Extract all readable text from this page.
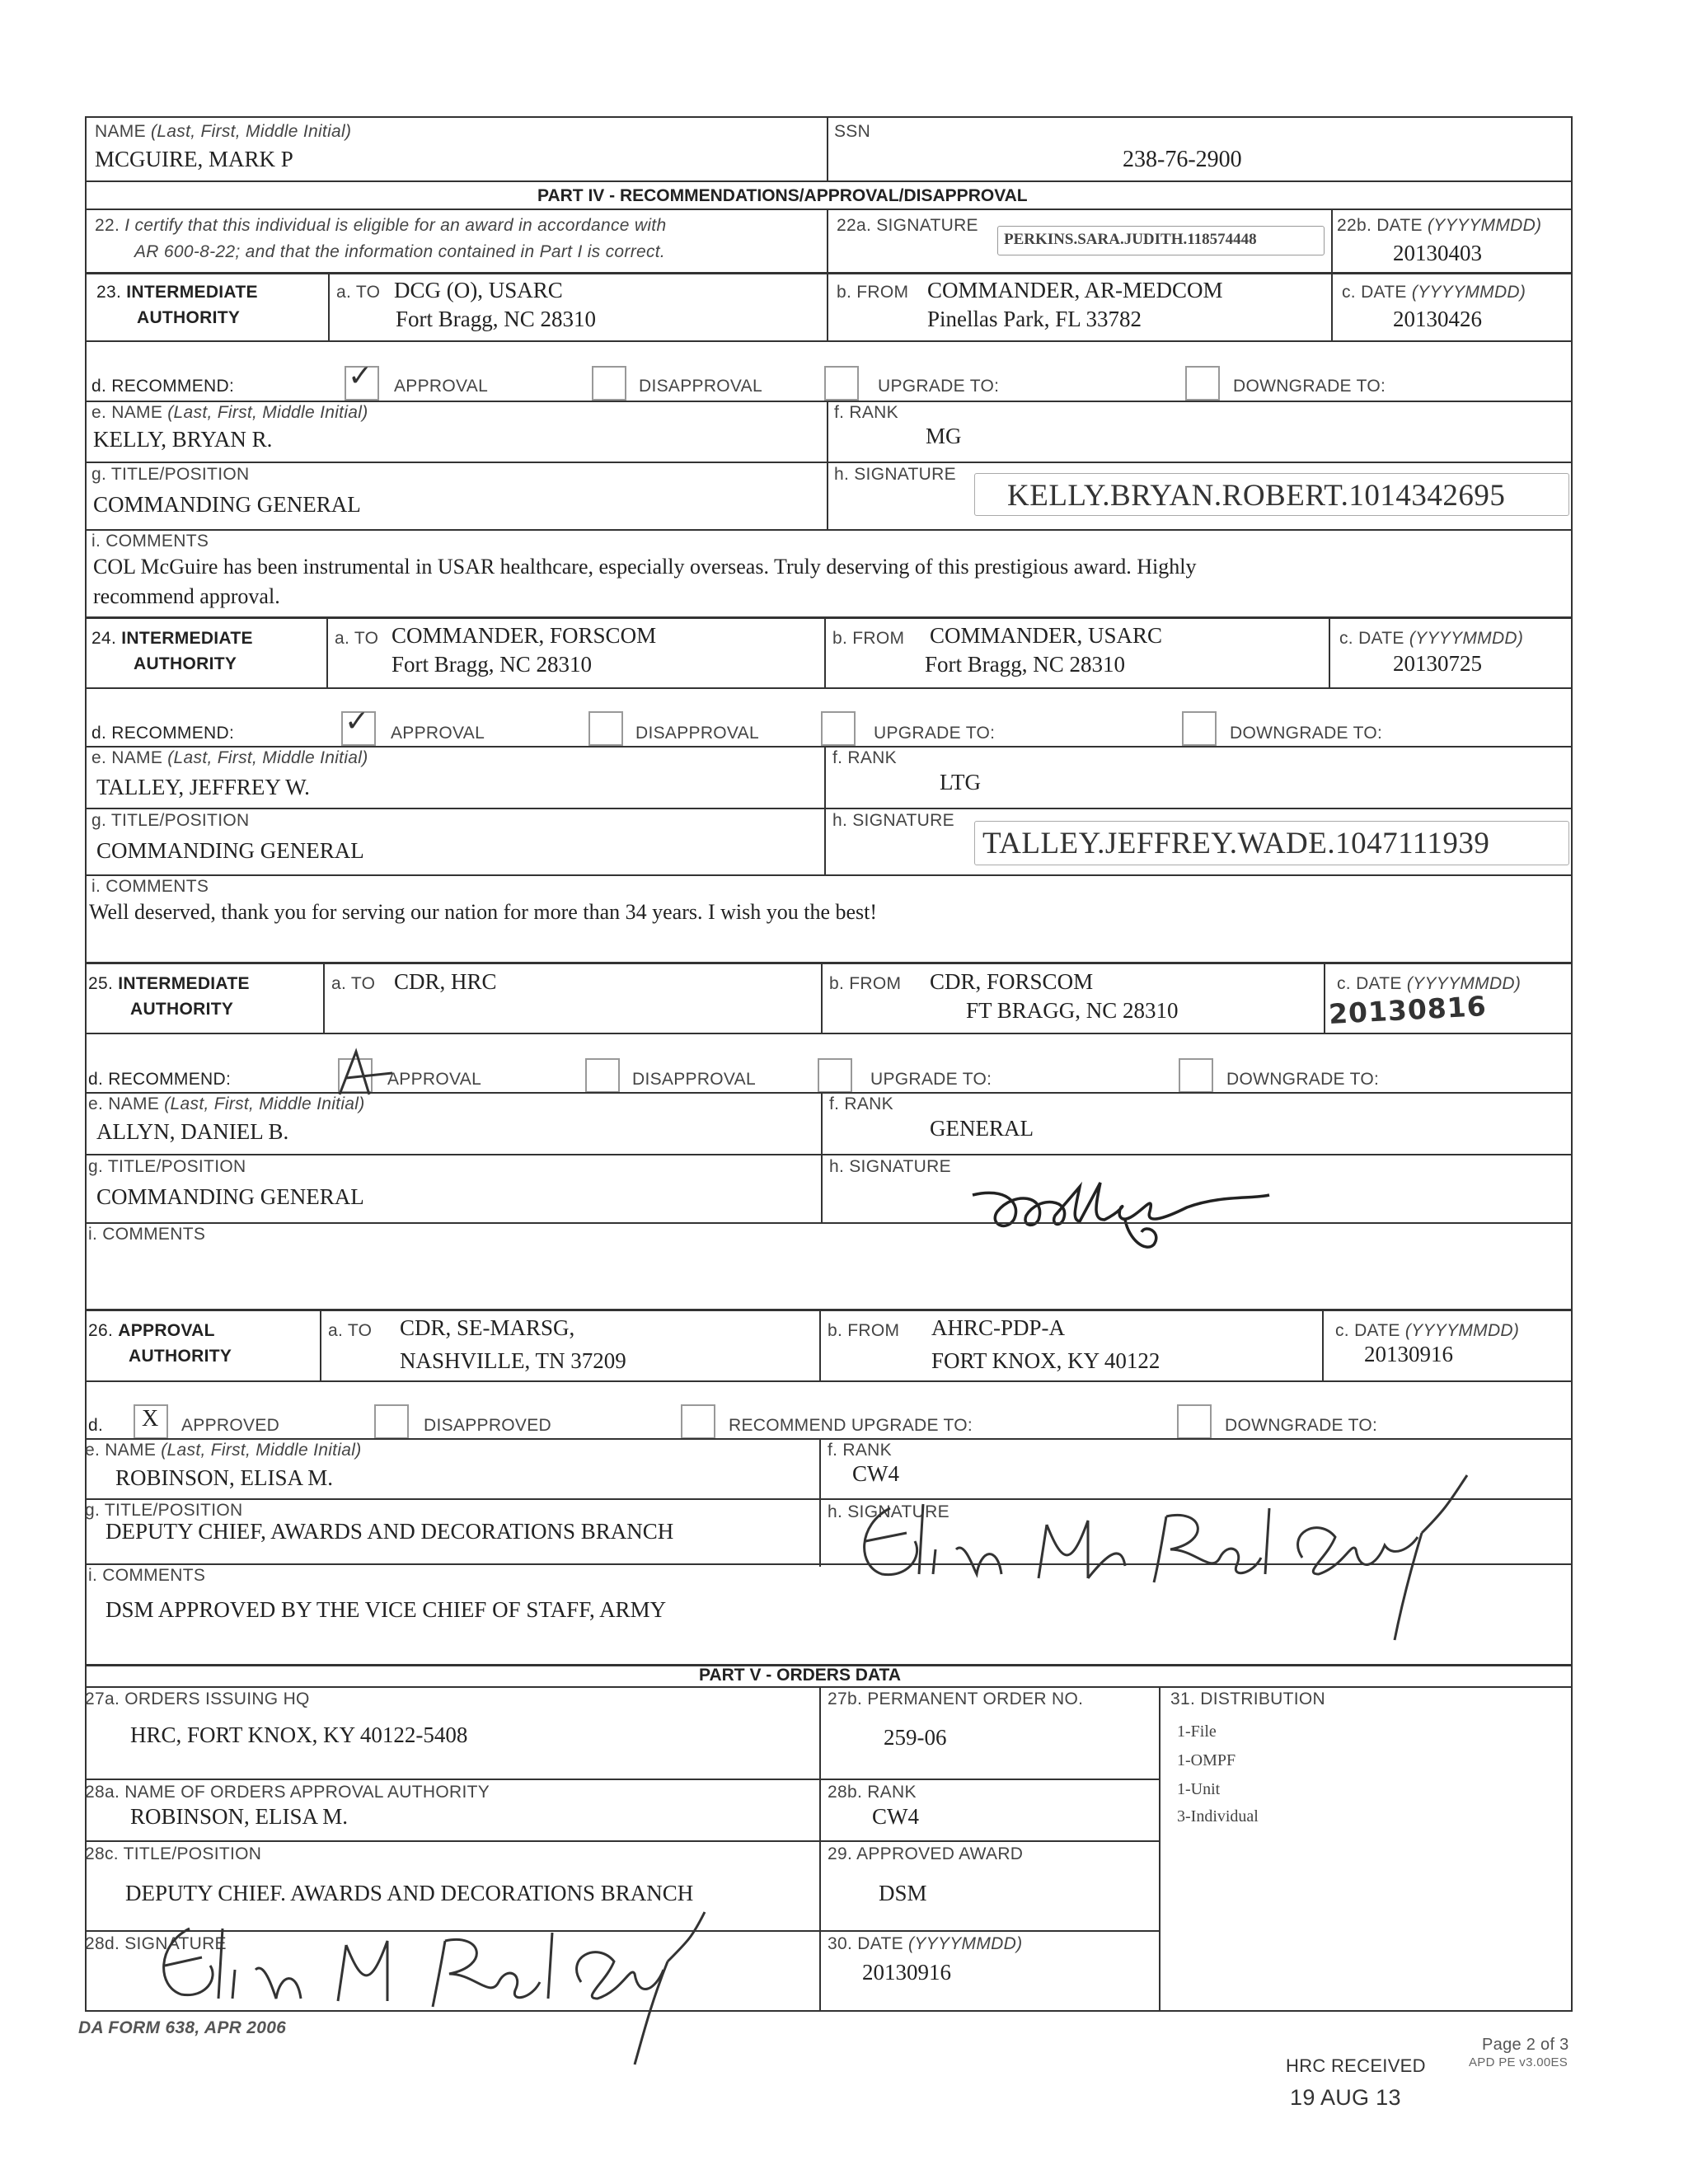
NAME (Last, First, Middle Initial)
MCGUIRE, MARK P
SSN
238-76-2900
PART IV - RECOMMENDATIONS/APPROVAL/DISAPPROVAL
22. I certify that this individual is eligible for an award in accordance with
AR 600-8-22; and that the information contained in Part I is correct.
22a. SIGNATURE
PERKINS.SARA.JUDITH.118574448
22b. DATE (YYYYMMDD)
20130403
23. INTERMEDIATE
AUTHORITY
a. TO DCG (O), USARC
Fort Bragg, NC 28310
b. FROM COMMANDER, AR-MEDCOM
Pinellas Park, FL 33782
c. DATE (YYYYMMDD)
20130426
d. RECOMMEND:	✓ APPROVAL	DISAPPROVAL	UPGRADE TO:	DOWNGRADE TO:
e. NAME (Last, First, Middle Initial)
KELLY, BRYAN R.
f. RANK
MG
g. TITLE/POSITION
COMMANDING GENERAL
h. SIGNATURE
KELLY.BRYAN.ROBERT.1014342695
i. COMMENTS
COL McGuire has been instrumental in USAR healthcare, especially overseas. Truly deserving of this prestigious award. Highly
recommend approval.
24. INTERMEDIATE
AUTHORITY
a. TO COMMANDER, FORSCOM
Fort Bragg, NC 28310
b. FROM COMMANDER, USARC
Fort Bragg, NC 28310
c. DATE (YYYYMMDD)
20130725
d. RECOMMEND:	✓ APPROVAL	DISAPPROVAL	UPGRADE TO:	DOWNGRADE TO:
e. NAME (Last, First, Middle Initial)
TALLEY, JEFFREY W.
f. RANK
LTG
g. TITLE/POSITION
COMMANDING GENERAL
h. SIGNATURE
TALLEY.JEFFREY.WADE.1047111939
i. COMMENTS
Well deserved, thank you for serving our nation for more than 34 years. I wish you the best!
25. INTERMEDIATE
AUTHORITY
a. TO CDR, HRC	b. FROM CDR, FORSCOM
FT BRAGG, NC 28310
c. DATE (YYYYMMDD)
20130816
d. RECOMMEND:	APPROVAL	DISAPPROVAL	UPGRADE TO:	DOWNGRADE TO:
e. NAME (Last, First, Middle Initial)
ALLYN, DANIEL B.
f. RANK
GENERAL
g. TITLE/POSITION
COMMANDING GENERAL
h. SIGNATURE
i. COMMENTS
26. APPROVAL
AUTHORITY
a. TO CDR, SE-MARSG,
NASHVILLE, TN 37209
b. FROM AHRC-PDP-A
FORT KNOX, KY 40122
c. DATE (YYYYMMDD)
20130916
d. X APPROVED	DISAPPROVED	RECOMMEND UPGRADE TO:	DOWNGRADE TO:
e. NAME (Last, First, Middle Initial)
ROBINSON, ELISA M.
f. RANK
CW4
g. TITLE/POSITION
DEPUTY CHIEF, AWARDS AND DECORATIONS BRANCH
h. SIGNATURE
i. COMMENTS
DSM APPROVED BY THE VICE CHIEF OF STAFF, ARMY
PART V - ORDERS DATA
27a. ORDERS ISSUING HQ
HRC, FORT KNOX, KY 40122-5408
27b. PERMANENT ORDER NO.
259-06
31. DISTRIBUTION
1-File
1-OMPF
1-Unit
3-Individual
28a. NAME OF ORDERS APPROVAL AUTHORITY
ROBINSON, ELISA M.
28b. RANK
CW4
28c. TITLE/POSITION
DEPUTY CHIEF. AWARDS AND DECORATIONS BRANCH
29. APPROVED AWARD
DSM
28d. SIGNATURE	30. DATE (YYYYMMDD)
20130916
DA FORM 638, APR 2006
Page 2 of 3
APD PE v3.00ES
HRC RECEIVED
19 AUG 13
